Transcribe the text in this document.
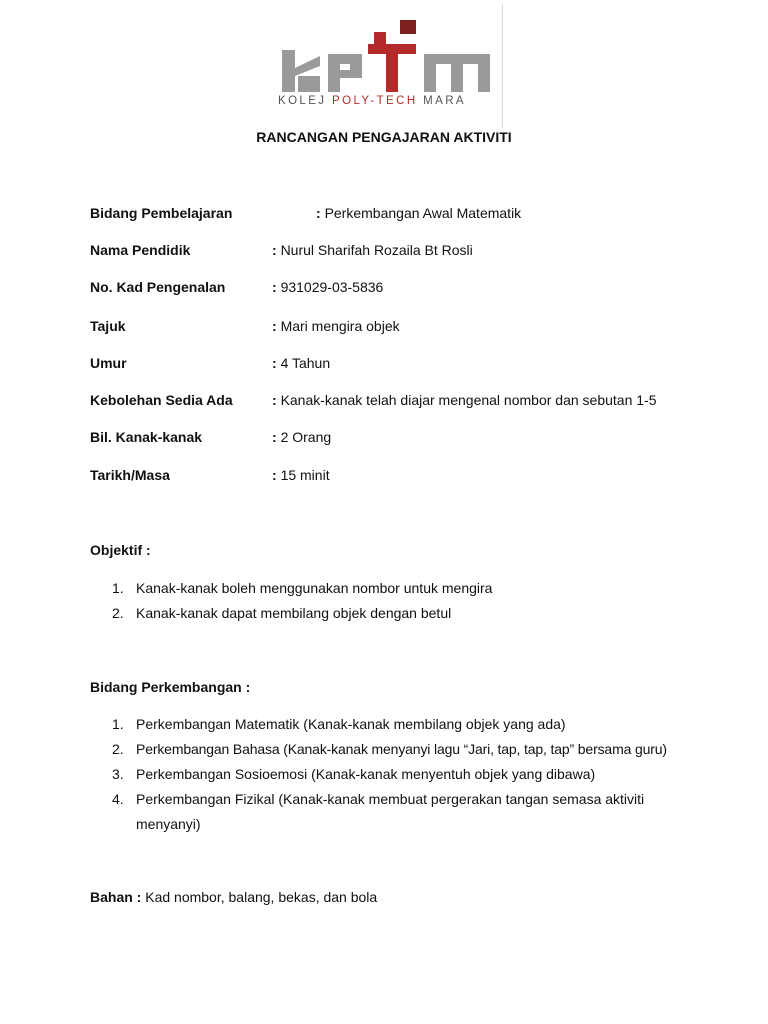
KOLEJ POLY-TECH MARA
RANCANGAN PENGAJARAN AKTIVITI
Bidang Pembelajaran	: Perkembangan Awal Matematik
Nama Pendidik	: Nurul Sharifah Rozaila Bt Rosli
No. Kad Pengenalan	: 931029-03-5836
Tajuk	: Mari mengira objek
Umur	: 4 Tahun
Kebolehan Sedia Ada	: Kanak-kanak telah diajar mengenal nombor dan sebutan 1-5
Bil. Kanak-kanak	: 2 Orang
Tarikh/Masa	: 15 minit
Objektif :
1. Kanak-kanak boleh menggunakan nombor untuk mengira
2. Kanak-kanak dapat membilang objek dengan betul
Bidang Perkembangan :
1. Perkembangan Matematik (Kanak-kanak membilang objek yang ada)
2. Perkembangan Bahasa (Kanak-kanak menyanyi lagu “Jari, tap, tap, tap” bersama guru)
3. Perkembangan Sosioemosi (Kanak-kanak menyentuh objek yang dibawa)
4. Perkembangan Fizikal (Kanak-kanak membuat pergerakan tangan semasa aktiviti
menyanyi)
Bahan : Kad nombor, balang, bekas, dan bola
